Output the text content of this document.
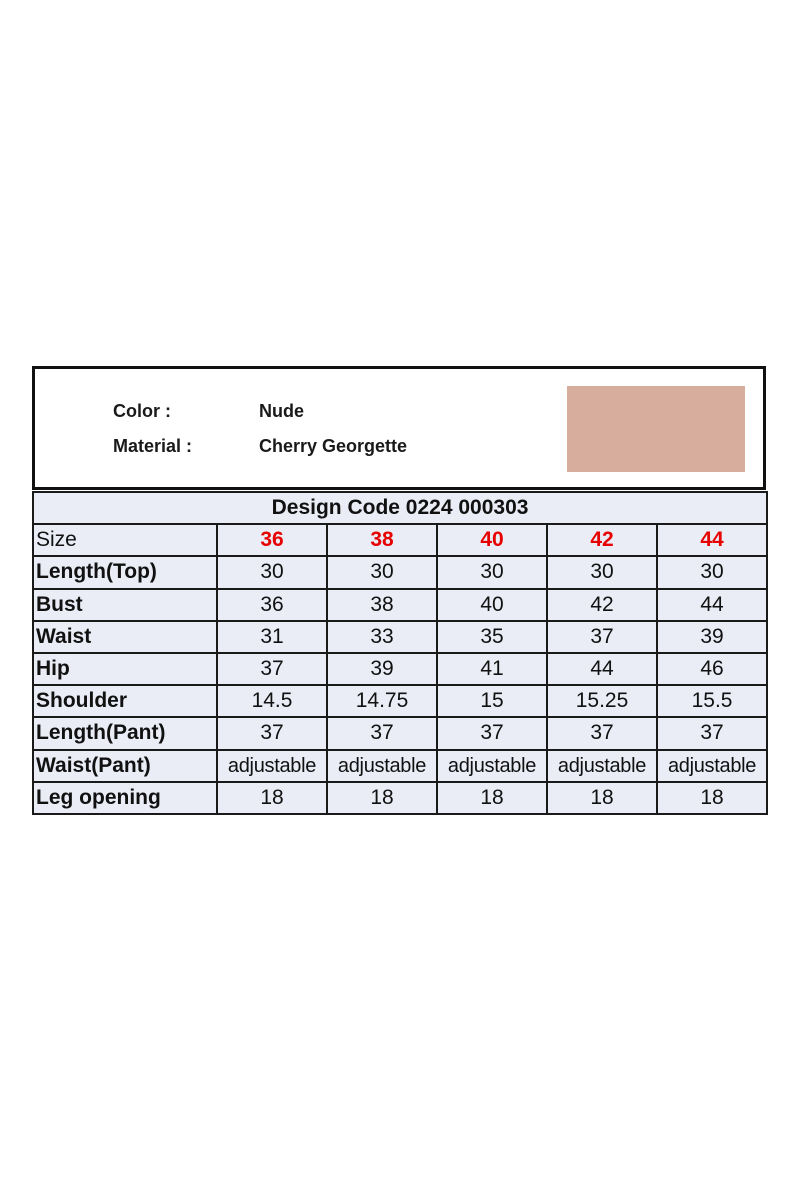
Color :	Nude
Material :	Cherry Georgette
Design Code 0224 000303					
Size	36	38	40	42	44
Length(Top)	30	30	30	30	30
Bust	36	38	40	42	44
Waist	31	33	35	37	39
Hip	37	39	41	44	46
Shoulder	14.5	14.75	15	15.25	15.5
Length(Pant)	37	37	37	37	37
Waist(Pant)	adjustable	adjustable	adjustable	adjustable	adjustable
Leg opening	18	18	18	18	18
